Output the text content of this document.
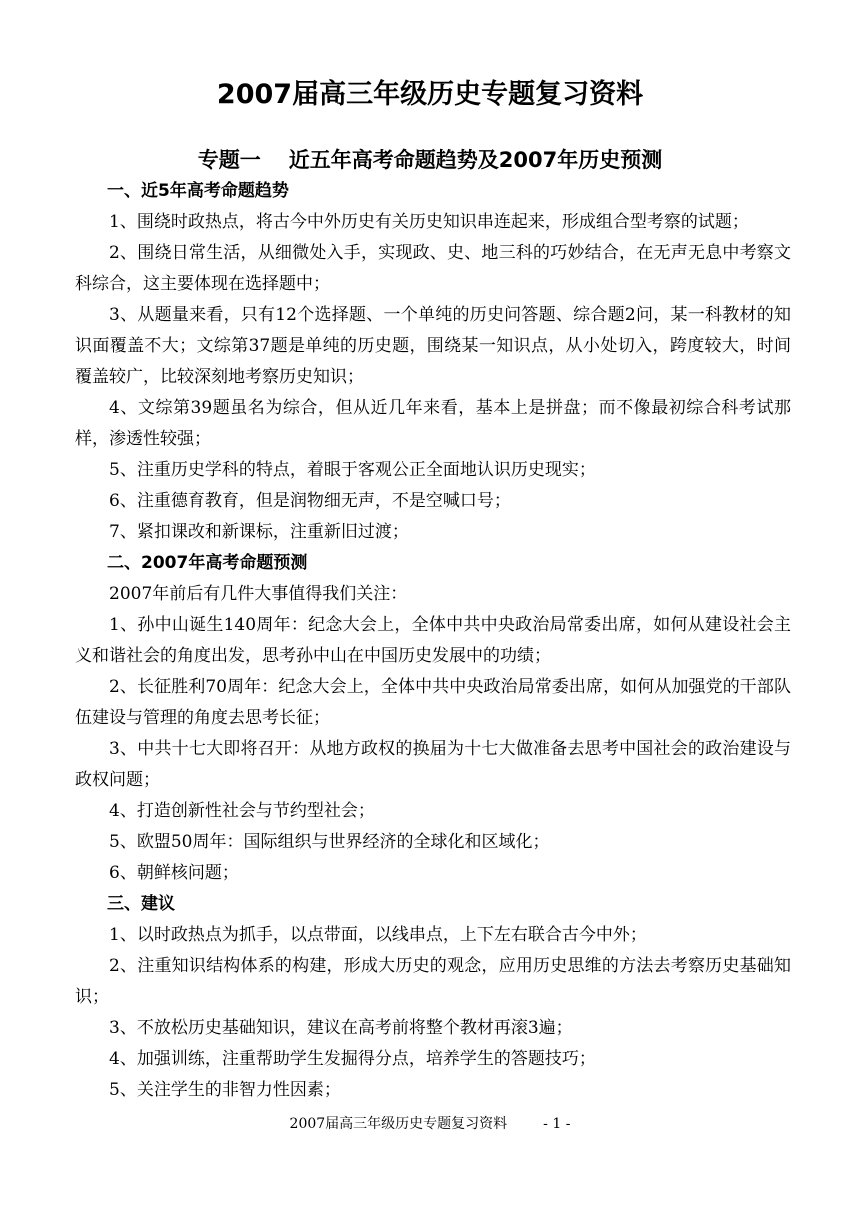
2007届高三年级历史专题复习资料
专题一 近五年高考命题趋势及2007年历史预测
一、近5年高考命题趋势

1、围绕时政热点，将古今中外历史有关历史知识串连起来，形成组合型考察的试题；

2、围绕日常生活，从细微处入手，实现政、史、地三科的巧妙结合，在无声无息中考察文科综合，这主要体现在选择题中；

3、从题量来看，只有12个选择题、一个单纯的历史问答题、综合题2问，某一科教材的知识面覆盖不大；文综第37题是单纯的历史题，围绕某一知识点，从小处切入，跨度较大，时间覆盖较广，比较深刻地考察历史知识；

4、文综第39题虽名为综合，但从近几年来看，基本上是拼盘；而不像最初综合科考试那样，渗透性较强；

5、注重历史学科的特点，着眼于客观公正全面地认识历史现实；

6、注重德育教育，但是润物细无声，不是空喊口号；

7、紧扣课改和新课标，注重新旧过渡；

二、2007年高考命题预测

2007年前后有几件大事值得我们关注：

1、孙中山诞生140周年：纪念大会上，全体中共中央政治局常委出席，如何从建设社会主义和谐社会的角度出发，思考孙中山在中国历史发展中的功绩；

2、长征胜利70周年：纪念大会上，全体中共中央政治局常委出席，如何从加强党的干部队伍建设与管理的角度去思考长征；

3、中共十七大即将召开：从地方政权的换届为十七大做准备去思考中国社会的政治建设与政权问题；

4、打造创新性社会与节约型社会；

5、欧盟50周年：国际组织与世界经济的全球化和区域化；

6、朝鲜核问题；

三、建议

1、以时政热点为抓手，以点带面，以线串点，上下左右联合古今中外；

2、注重知识结构体系的构建，形成大历史的观念，应用历史思维的方法去考察历史基础知识；

3、不放松历史基础知识，建议在高考前将整个教材再滚3遍；

4、加强训练，注重帮助学生发掘得分点，培养学生的答题技巧；

5、关注学生的非智力性因素；

2007届高三年级历史专题复习资料	- 1 -
